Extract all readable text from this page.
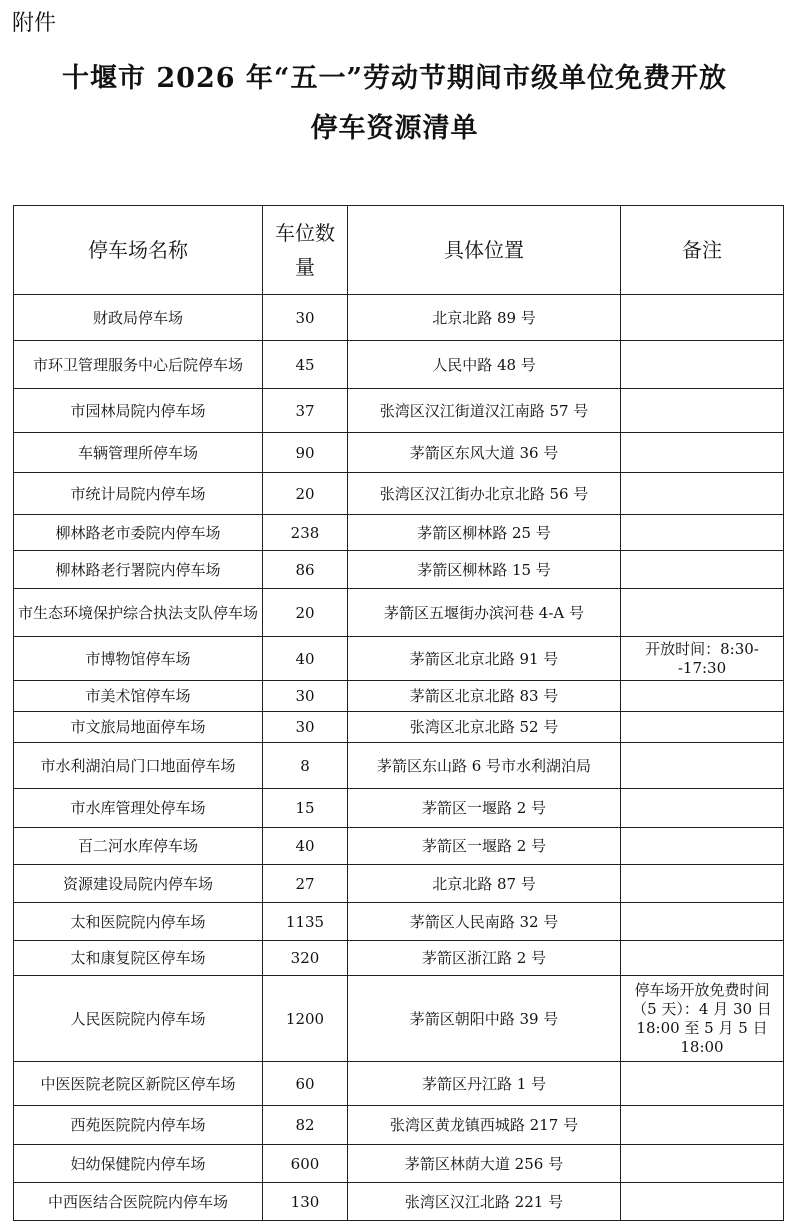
附件
十堰市 2026 年“五一”劳动节期间市级单位免费开放
停车资源清单
停车场名称	车位数量	具体位置	备注
财政局停车场	30	北京北路 89 号	
市环卫管理服务中心后院停车场	45	人民中路 48 号	
市园林局院内停车场	37	张湾区汉江街道汉江南路 57 号	
车辆管理所停车场	90	茅箭区东风大道 36 号	
市统计局院内停车场	20	张湾区汉江街办北京北路 56 号	
柳林路老市委院内停车场	238	茅箭区柳林路 25 号	
柳林路老行署院内停车场	86	茅箭区柳林路 15 号	
市生态环境保护综合执法支队停车场	20	茅箭区五堰街办滨河巷 4-A 号	
市博物馆停车场	40	茅箭区北京北路 91 号	开放时间：8:30--17:30
市美术馆停车场	30	茅箭区北京北路 83 号	
市文旅局地面停车场	30	张湾区北京北路 52 号	
市水利湖泊局门口地面停车场	8	茅箭区东山路 6 号市水利湖泊局	
市水库管理处停车场	15	茅箭区一堰路 2 号	
百二河水库停车场	40	茅箭区一堰路 2 号	
资源建设局院内停车场	27	北京北路 87 号	
太和医院院内停车场	1135	茅箭区人民南路 32 号	
太和康复院区停车场	320	茅箭区浙江路 2 号	
人民医院院内停车场	1200	茅箭区朝阳中路 39 号	停车场开放免费时间（5 天）：4 月 30 日 18:00 至 5 月 5 日 18:00
中医医院老院区新院区停车场	60	茅箭区丹江路 1 号	
西苑医院院内停车场	82	张湾区黄龙镇西城路 217 号	
妇幼保健院内停车场	600	茅箭区林荫大道 256 号	
中西医结合医院院内停车场	130	张湾区汉江北路 221 号	
